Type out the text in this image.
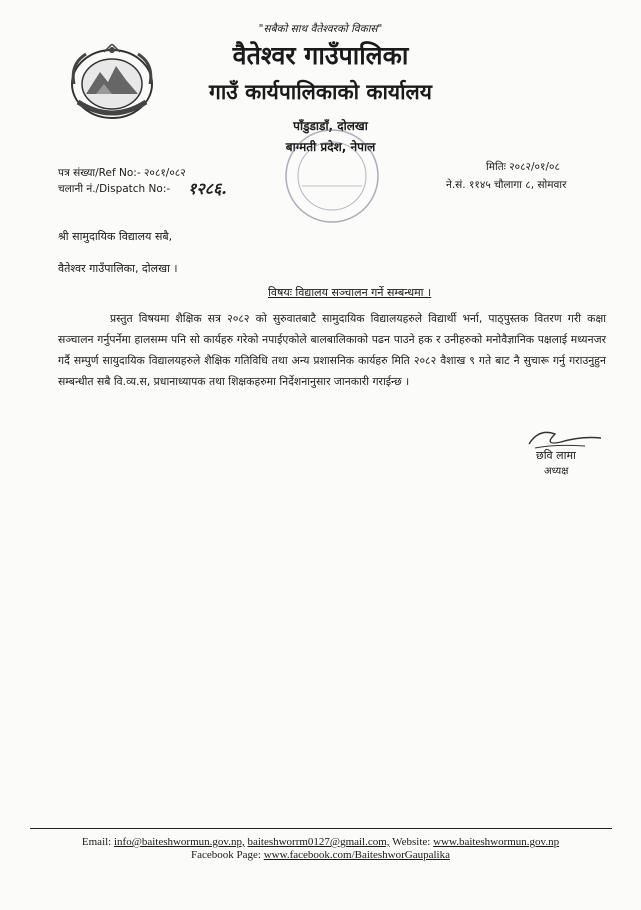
"सबैको साथ वैतेश्वरको विकास"
वैतेश्वर गाउँपालिका
गाउँ कार्यपालिकाको कार्यालय
पाँडुडाडाँ, दोलखा
बाग्मती प्रदेश, नेपाल
पत्र संख्या/Ref No:- २०८१/०८२
चलानी नं./Dispatch No:- १२८६.
मितिः २०८२/०१/०८
ने.सं. ११४५ चौलागा ८, सोमवार
श्री सामुदायिक विद्यालय सबै,
वैतेश्वर गाउँपालिका, दोलखा ।
विषयः विद्यालय सञ्चालन गर्ने सम्बन्धमा ।
प्रस्तुत विषयमा शैक्षिक सत्र २०८२ को सुरुवातबाटै सामुदायिक विद्यालयहरुले विद्यार्थी भर्ना, पाठ्पुस्तक वितरण गरी कक्षा सञ्चालन गर्नुपर्नेमा हालसम्म पनि सो कार्यहरु गरेको नपाईएकोले बालबालिकाको पढन पाउने हक र उनीहरुको मनोवैज्ञानिक पक्षलाई मध्यनजर गर्दै सम्पुर्ण सायुदायिक विद्यालयहरुले शैक्षिक गतिविधि तथा अन्य प्रशासनिक कार्यहरु मिति २०८२ वैशाख ९ गते बाट नै सुचारू गर्नु गराउनुहुन सम्बन्धीत सबै वि.व्य.स, प्रधानाध्यापक तथा शिक्षकहरुमा निर्देशनानुसार जानकारी गराईन्छ ।
छवि लामा
अध्यक्ष
Email: info@baiteshwormun.gov.np, baiteshworrm0127@gmail.com, Website: www.baiteshwormun.gov.np
Facebook Page: www.facebook.com/BaiteshworGaupalika
